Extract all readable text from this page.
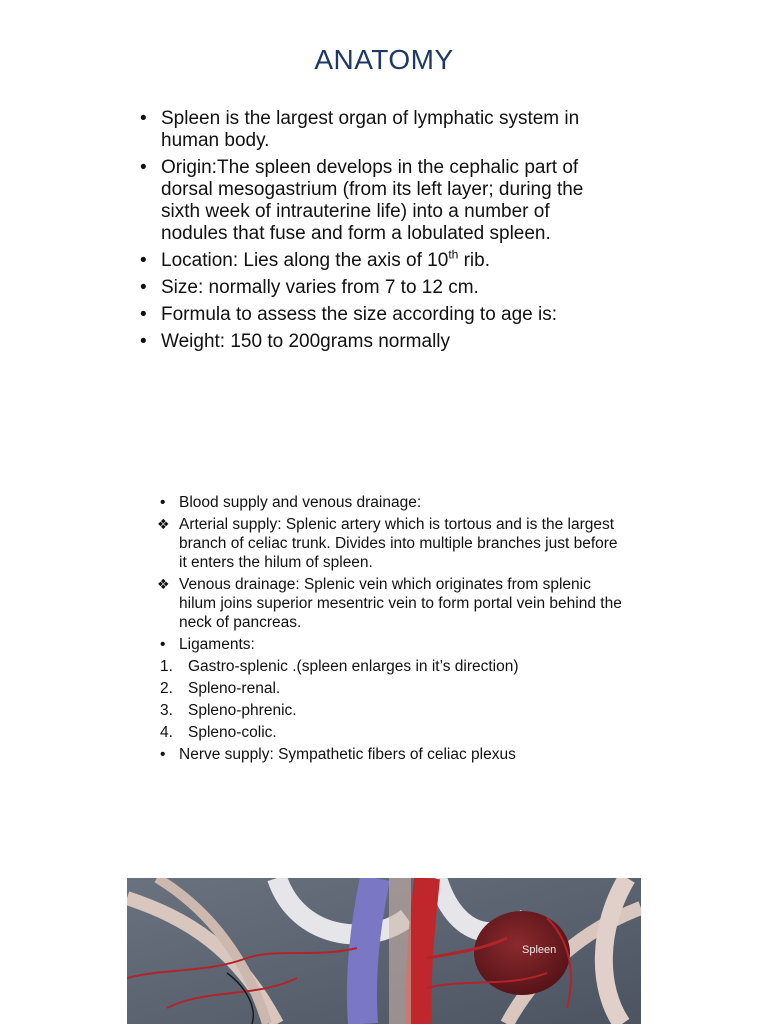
ANATOMY
• Spleen is the largest organ of lymphatic system in human body.
• Origin:The spleen develops in the cephalic part of dorsal mesogastrium (from its left layer; during the sixth week of intrauterine life) into a number of nodules that fuse and form a lobulated spleen.
• Location: Lies along the axis of 10th rib.
• Size: normally varies from 7 to 12 cm.
• Formula to assess the size according to age is:
• Weight: 150 to 200grams normally
• Blood supply and venous drainage:
❖ Arterial supply: Splenic artery which is tortous and is the largest branch of celiac trunk. Divides into multiple branches just before it enters the hilum of spleen.
❖ Venous drainage: Splenic vein which originates from splenic hilum joins superior mesentric vein to form portal vein behind the neck of pancreas.
• Ligaments:
1. Gastro-splenic .(spleen enlarges in it’s direction)
2. Spleno-renal.
3. Spleno-phrenic.
4. Spleno-colic.
• Nerve supply: Sympathetic fibers of celiac plexus
Spleen
